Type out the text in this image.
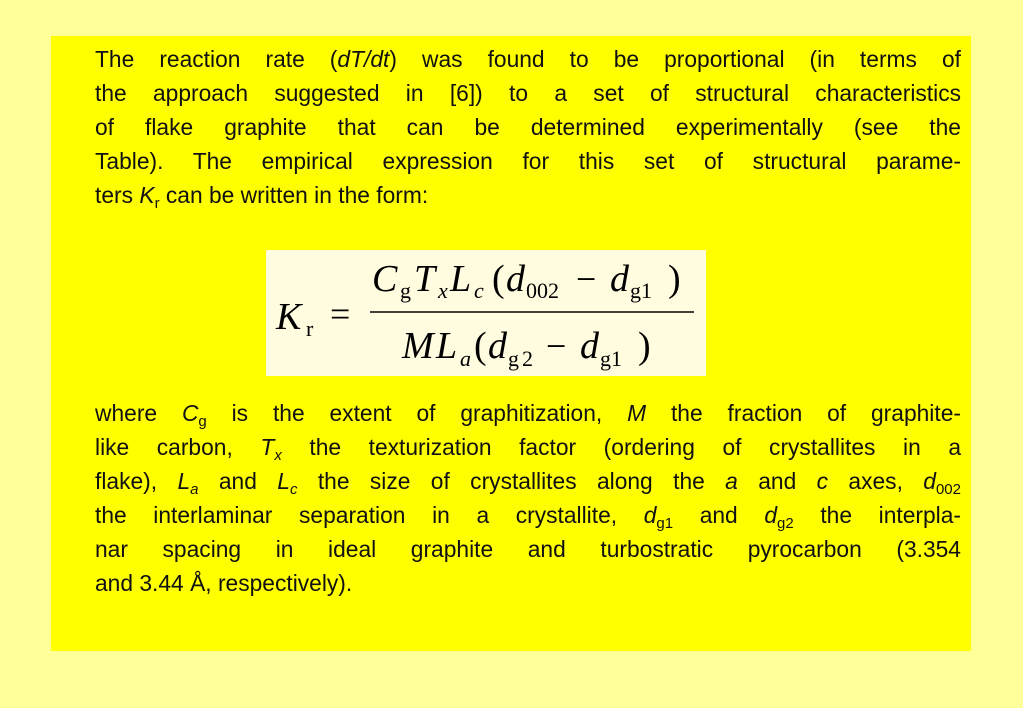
The reaction rate (dT/dt) was found to be proportional (in terms of
the approach suggested in [6]) to a set of structural characteristics
of flake graphite that can be determined experimentally (see the
Table). The empirical expression for this set of structural parame-
ters $K_r$ can be written in the form:
K r =
C g T x L c ( d 002 − d g1 )
M L a ( d g 2 − d g1 )
where $C_g$ is the extent of graphitization, M the fraction of graphite-
like carbon, $T_x$ the texturization factor (ordering of crystallites in a
flake), $L_a$ and $L_c$ the size of crystallites along the a and c axes, $d_{002}$
the interlaminar separation in a crystallite, $d_{g1}$ and $d_{g2}$ the interpla-
nar spacing in ideal graphite and turbostratic pyrocarbon (3.354
and 3.44 Å, respectively).
